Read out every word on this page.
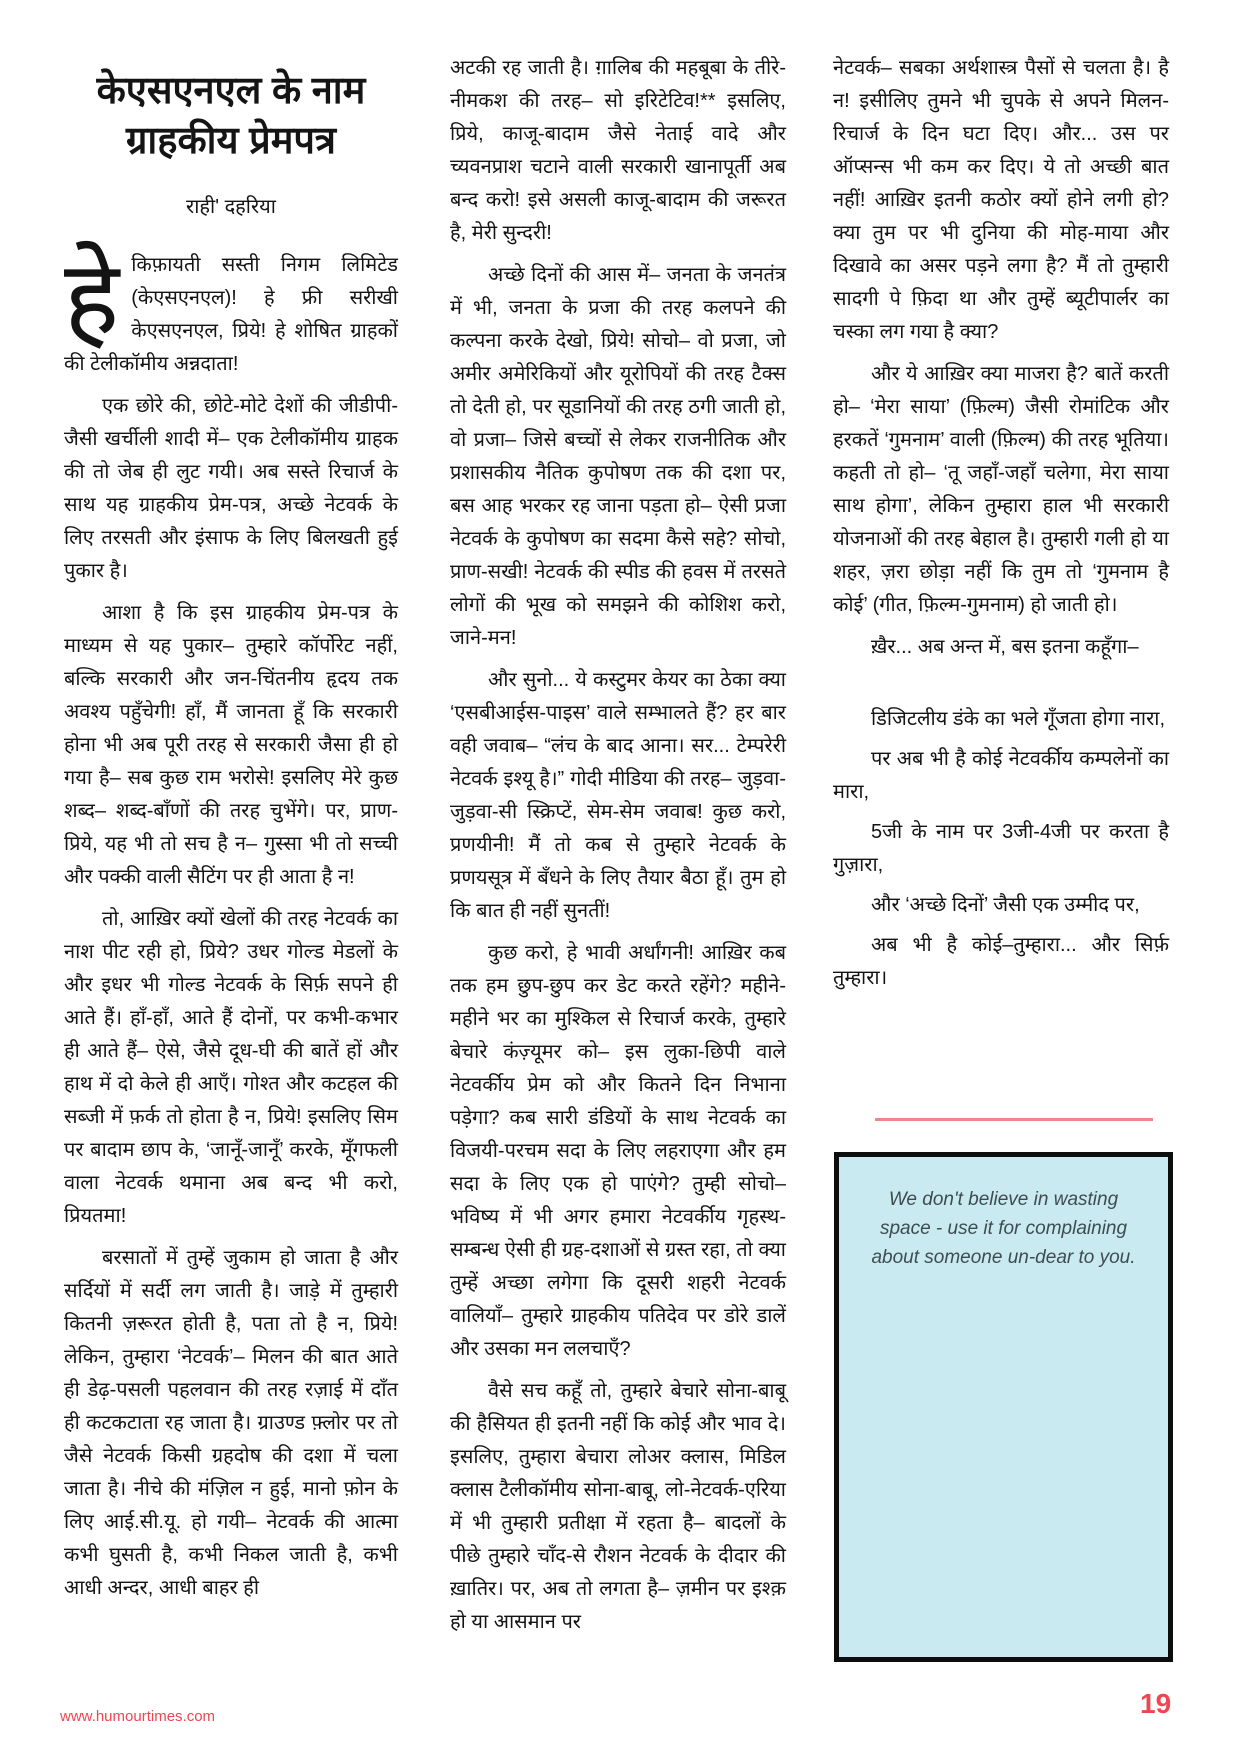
केएसएनएल के नाम ग्राहकीय प्रेमपत्र
राही' दहरिया

हेकिफ़ायती सस्ती निगम लिमिटेड (केएसएनएल)! हे फ्री सरीखी केएसएनएल, प्रिये! हे शोषित ग्राहकों की टेलीकॉमीय अन्नदाता!

एक छोरे की, छोटे-मोटे देशों की जीडीपी-जैसी खर्चीली शादी में– एक टेलीकॉमीय ग्राहक की तो जेब ही लुट गयी। अब सस्ते रिचार्ज के साथ यह ग्राहकीय प्रेम-पत्र, अच्छे नेटवर्क के लिए तरसती और इंसाफ के लिए बिलखती हुई पुकार है।

आशा है कि इस ग्राहकीय प्रेम-पत्र के माध्यम से यह पुकार– तुम्हारे कॉर्पोरेट नहीं, बल्कि सरकारी और जन-चिंतनीय हृदय तक अवश्य पहुँचेगी! हाँ, मैं जानता हूँ कि सरकारी होना भी अब पूरी तरह से सरकारी जैसा ही हो गया है– सब कुछ राम भरोसे! इसलिए मेरे कुछ शब्द– शब्द-बाँणों की तरह चुभेंगे। पर, प्राण-प्रिये, यह भी तो सच है न– गुस्सा भी तो सच्ची और पक्की वाली सैटिंग पर ही आता है न!

तो, आख़िर क्यों खेलों की तरह नेटवर्क का नाश पीट रही हो, प्रिये? उधर गोल्ड मेडलों के और इधर भी गोल्ड नेटवर्क के सिर्फ़ सपने ही आते हैं। हाँ-हाँ, आते हैं दोनों, पर कभी-कभार ही आते हैं– ऐसे, जैसे दूध-घी की बातें हों और हाथ में दो केले ही आएँ। गोश्त और कटहल की सब्जी में फ़र्क तो होता है न, प्रिये! इसलिए सिम पर बादाम छाप के, ‘जानूँ-जानूँ’ करके, मूँगफली वाला नेटवर्क थमाना अब बन्द भी करो, प्रियतमा!

बरसातों में तुम्हें जुकाम हो जाता है और सर्दियों में सर्दी लग जाती है। जाड़े में तुम्हारी कितनी ज़रूरत होती है, पता तो है न, प्रिये! लेकिन, तुम्हारा ‘नेटवर्क’– मिलन की बात आते ही डेढ़-पसली पहलवान की तरह रज़ाई में दाँत ही कटकटाता रह जाता है। ग्राउण्ड फ़्लोर पर तो जैसे नेटवर्क किसी ग्रहदोष की दशा में चला जाता है। नीचे की मंज़िल न हुई, मानो फ़ोन के लिए आई.सी.यू. हो गयी– नेटवर्क की आत्मा कभी घुसती है, कभी निकल जाती है, कभी आधी अन्दर, आधी बाहर ही

अटकी रह जाती है। ग़ालिब की महबूबा के तीरे-नीमकश की तरह– सो इरिटेटिव!** इसलिए, प्रिये, काजू-बादाम जैसे नेताई वादे और च्यवनप्राश चटाने वाली सरकारी खानापूर्ती अब बन्द करो! इसे असली काजू-बादाम की जरूरत है, मेरी सुन्दरी!

अच्छे दिनों की आस में– जनता के जनतंत्र में भी, जनता के प्रजा की तरह कलपने की कल्पना करके देखो, प्रिये! सोचो– वो प्रजा, जो अमीर अमेरिकियों और यूरोपियों की तरह टैक्स तो देती हो, पर सूडानियों की तरह ठगी जाती हो, वो प्रजा– जिसे बच्चों से लेकर राजनीतिक और प्रशासकीय नैतिक कुपोषण तक की दशा पर, बस आह भरकर रह जाना पड़ता हो– ऐसी प्रजा नेटवर्क के कुपोषण का सदमा कैसे सहे? सोचो, प्राण-सखी! नेटवर्क की स्पीड की हवस में तरसते लोगों की भूख को समझने की कोशिश करो, जाने-मन!

और सुनो... ये कस्टुमर केयर का ठेका क्या ‘एसबीआईस-पाइस’ वाले सम्भालते हैं? हर बार वही जवाब– “लंच के बाद आना। सर... टेम्परेरी नेटवर्क इश्यू है।” गोदी मीडिया की तरह– जुड़वा-जुड़वा-सी स्क्रिप्टें, सेम-सेम जवाब! कुछ करो, प्रणयीनी! मैं तो कब से तुम्हारे नेटवर्क के प्रणयसूत्र में बँधने के लिए तैयार बैठा हूँ। तुम हो कि बात ही नहीं सुनतीं!

कुछ करो, हे भावी अर्धांगनी! आख़िर कब तक हम छुप-छुप कर डेट करते रहेंगे? महीने-महीने भर का मुश्किल से रिचार्ज करके, तुम्हारे बेचारे कंज़्यूमर को– इस लुका-छिपी वाले नेटवर्कीय प्रेम को और कितने दिन निभाना पड़ेगा? कब सारी डंडियों के साथ नेटवर्क का विजयी-परचम सदा के लिए लहराएगा और हम सदा के लिए एक हो पाएंगे? तुम्ही सोचो– भविष्य में भी अगर हमारा नेटवर्कीय गृहस्थ-सम्बन्ध ऐसी ही ग्रह-दशाओं से ग्रस्त रहा, तो क्या तुम्हें अच्छा लगेगा कि दूसरी शहरी नेटवर्क वालियाँ– तुम्हारे ग्राहकीय पतिदेव पर डोरे डालें और उसका मन ललचाएँ?

वैसे सच कहूँ तो, तुम्हारे बेचारे सोना-बाबू की हैसियत ही इतनी नहीं कि कोई और भाव दे। इसलिए, तुम्हारा बेचारा लोअर क्लास, मिडिल क्लास टैलीकॉमीय सोना-बाबू, लो-नेटवर्क-एरिया में भी तुम्हारी प्रतीक्षा में रहता है– बादलों के पीछे तुम्हारे चाँद-से रौशन नेटवर्क के दीदार की ख़ातिर। पर, अब तो लगता है– ज़मीन पर इश्क़ हो या आसमान पर

नेटवर्क– सबका अर्थशास्त्र पैसों से चलता है। है न! इसीलिए तुमने भी चुपके से अपने मिलन-रिचार्ज के दिन घटा दिए। और... उस पर ऑप्सन्स भी कम कर दिए। ये तो अच्छी बात नहीं! आख़िर इतनी कठोर क्यों होने लगी हो? क्या तुम पर भी दुनिया की मोह-माया और दिखावे का असर पड़ने लगा है? मैं तो तुम्हारी सादगी पे फ़िदा था और तुम्हें ब्यूटीपार्लर का चस्का लग गया है क्या?

और ये आख़िर क्या माजरा है? बातें करती हो– ‘मेरा साया’ (फ़िल्म) जैसी रोमांटिक और हरकतें ‘गुमनाम’ वाली (फ़िल्म) की तरह भूतिया। कहती तो हो– ‘तू जहाँ-जहाँ चलेगा, मेरा साया साथ होगा’, लेकिन तुम्हारा हाल भी सरकारी योजनाओं की तरह बेहाल है। तुम्हारी गली हो या शहर, ज़रा छोड़ा नहीं कि तुम तो ‘गुमनाम है कोई’ (गीत, फ़िल्म-गुमनाम) हो जाती हो।

ख़ैर... अब अन्त में, बस इतना कहूँगा–

डिजिटलीय डंके का भले गूँजता होगा नारा,

पर अब भी है कोई नेटवर्कीय कम्पलेनों का मारा,

5जी के नाम पर 3जी-4जी पर करता है गुज़ारा,

और ‘अच्छे दिनों’ जैसी एक उम्मीद पर,

अब भी है कोई–तुम्हारा... और सिर्फ़ तुम्हारा।

We don't believe in wasting space - use it for complaining about someone un-dear to you.
www.humourtimes.com	19
